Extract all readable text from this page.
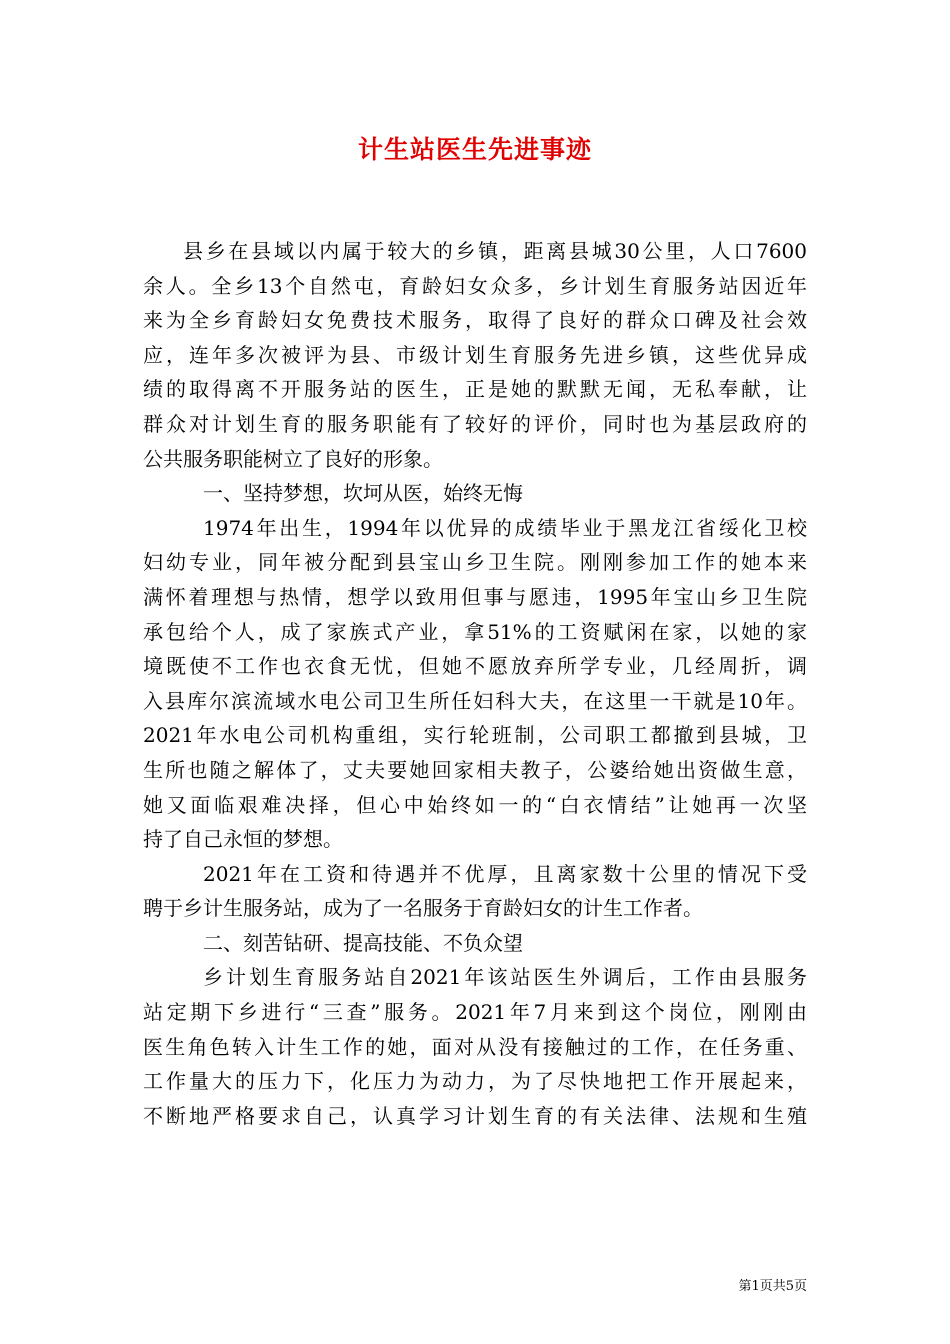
计生站医生先进事迹
县乡在县域以内属于较大的乡镇，距离县城30公里，人口7600
余人。全乡13个自然屯，育龄妇女众多，乡计划生育服务站因近年
来为全乡育龄妇女免费技术服务，取得了良好的群众口碑及社会效
应，连年多次被评为县、市级计划生育服务先进乡镇，这些优异成
绩的取得离不开服务站的医生，正是她的默默无闻，无私奉献，让
群众对计划生育的服务职能有了较好的评价，同时也为基层政府的
公共服务职能树立了良好的形象。
一、坚持梦想，坎坷从医，始终无悔
1974年出生，1994年以优异的成绩毕业于黑龙江省绥化卫校
妇幼专业，同年被分配到县宝山乡卫生院。刚刚参加工作的她本来
满怀着理想与热情，想学以致用但事与愿违，1995年宝山乡卫生院
承包给个人，成了家族式产业，拿51%的工资赋闲在家，以她的家
境既使不工作也衣食无忧，但她不愿放弃所学专业，几经周折，调
入县库尔滨流域水电公司卫生所任妇科大夫，在这里一干就是10年。
2021年水电公司机构重组，实行轮班制，公司职工都撤到县城，卫
生所也随之解体了，丈夫要她回家相夫教子，公婆给她出资做生意，
她又面临艰难决择，但心中始终如一的“白衣情结”让她再一次坚
持了自己永恒的梦想。
2021年在工资和待遇并不优厚，且离家数十公里的情况下受
聘于乡计生服务站，成为了一名服务于育龄妇女的计生工作者。
二、刻苦钻研、提高技能、不负众望
乡计划生育服务站自2021年该站医生外调后，工作由县服务
站定期下乡进行“三查”服务。2021年7月来到这个岗位，刚刚由
医生角色转入计生工作的她，面对从没有接触过的工作，在任务重、
工作量大的压力下，化压力为动力，为了尽快地把工作开展起来，
不断地严格要求自己，认真学习计划生育的有关法律、法规和生殖
第1页共5页
